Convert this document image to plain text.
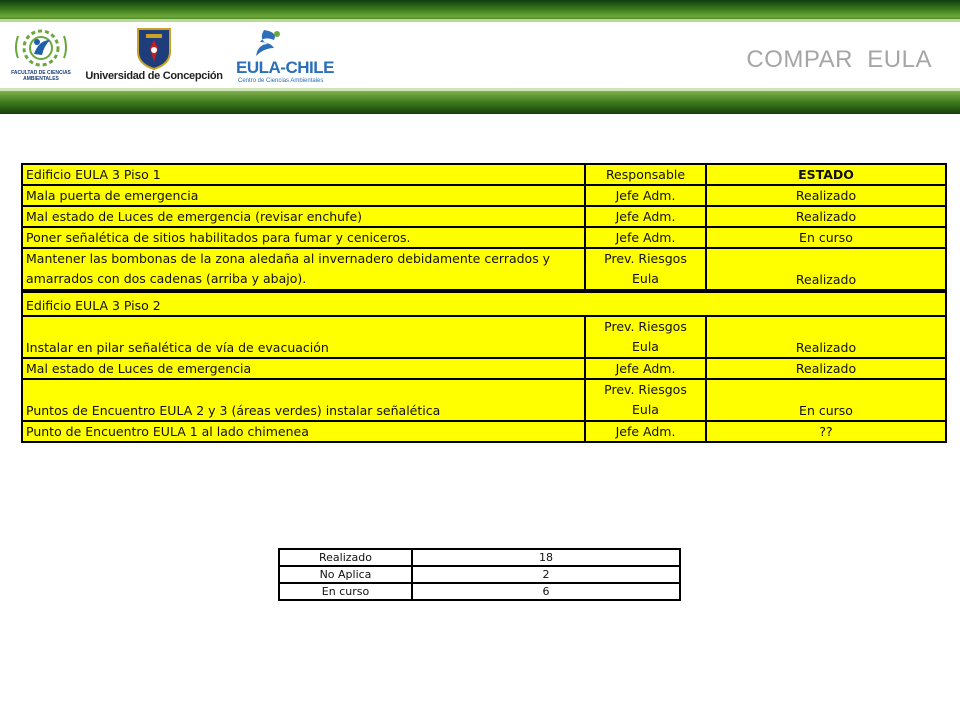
FACULTAD DE CIENCIAS AMBIENTALES	Universidad de Concepción EULA-CHILE
Centro de Ciencias Ambientales
COMPAR  EULA
Edificio EULA 3 Piso 1	Responsable	ESTADO
Mala puerta de emergencia	Jefe Adm.	Realizado
Mal estado de Luces de emergencia (revisar enchufe)	Jefe Adm.	Realizado
Poner señalética de sitios habilitados para fumar y ceniceros.	Jefe Adm.	En curso
Mantener las bombonas de la zona aledaña al invernadero debidamente cerrados y amarrados con dos cadenas (arriba y abajo).	Prev. Riesgos Eula	Realizado
Edificio EULA 3 Piso 2		
Instalar en pilar señalética de vía de evacuación	Prev. Riesgos Eula	Realizado
Mal estado de Luces de emergencia	Jefe Adm.	Realizado
Puntos de Encuentro EULA 2 y 3 (áreas verdes) instalar señalética	Prev. Riesgos Eula	En curso
Punto de Encuentro EULA 1 al lado chimenea	Jefe Adm.	??
Realizado	18
No Aplica	2
En curso	6
